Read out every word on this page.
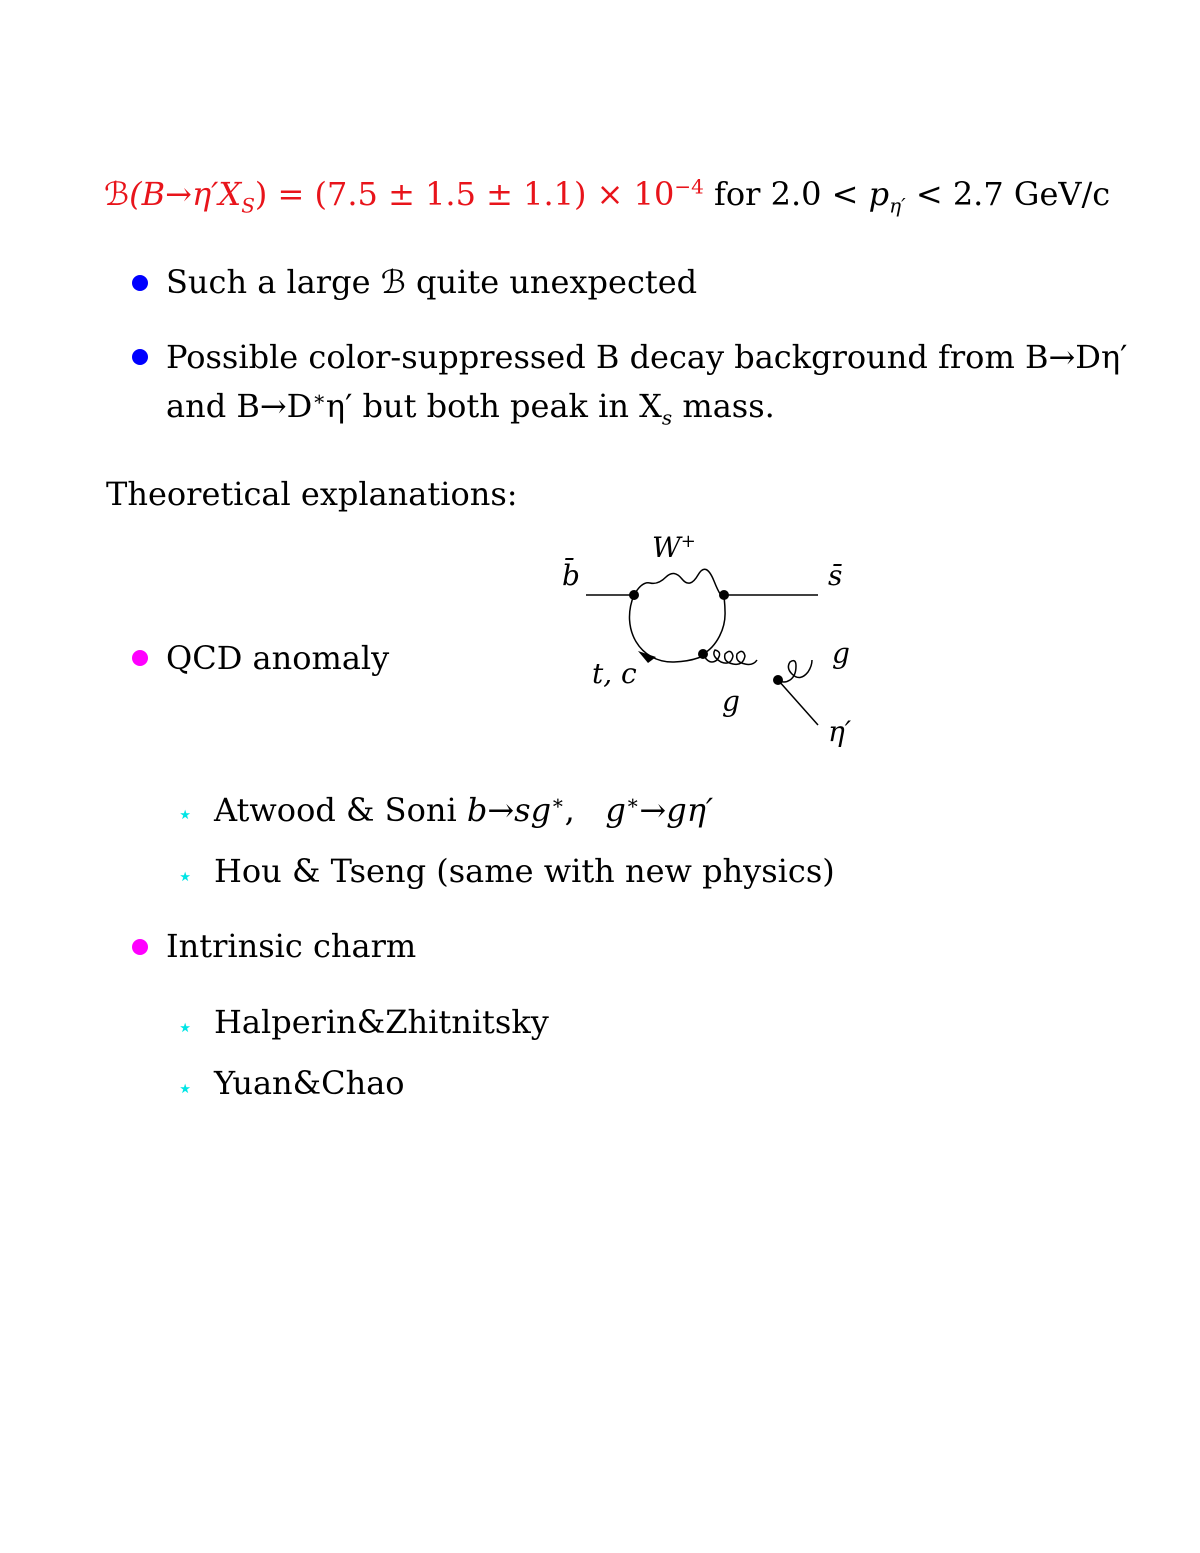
$ℬ(B\to\eta'X_S) = (7.5 \pm 1.5 \pm 1.1) \times 10^{-4}$ for $2.0 < p_{\eta'} < 2.7$ GeV/c
Such a large ℬ quite unexpected
Possible color-suppressed B decay background from B→Dη′
and B→D∗η′ but both peak in $X_s$ mass.
Theoretical explanations:
QCD anomaly
b̄
W+
s̄
t, c
g
g
η′
⋆ Atwood & Soni b→sg∗,   g∗→gη′
⋆ Hou & Tseng (same with new physics)
Intrinsic charm
⋆ Halperin&Zhitnitsky
⋆ Yuan&Chao
